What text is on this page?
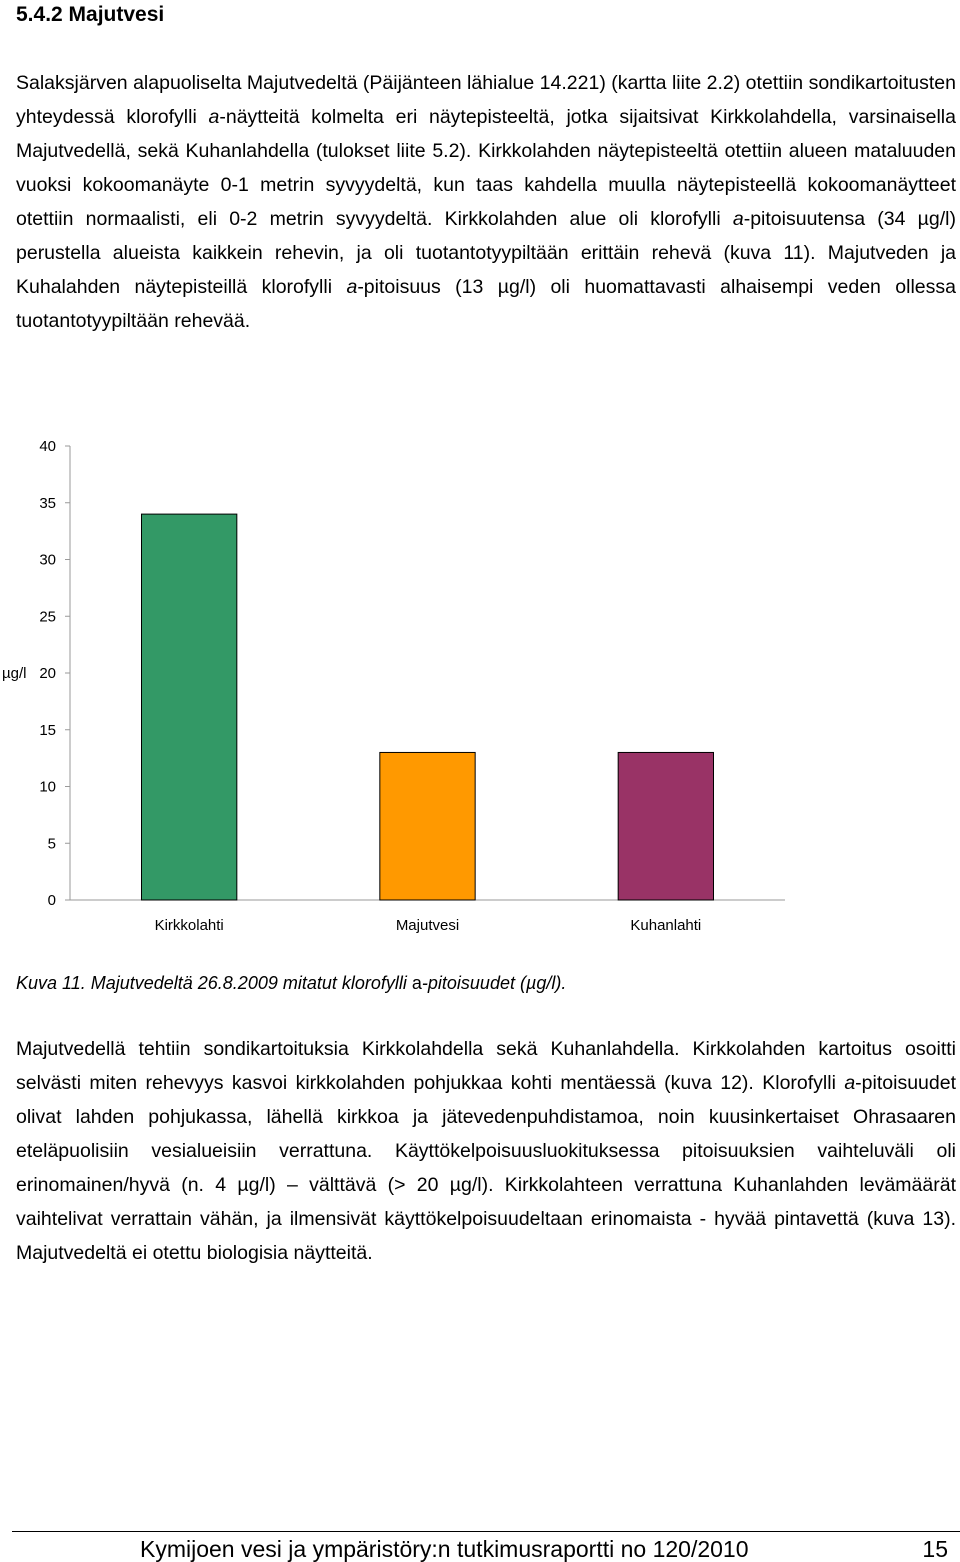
5.4.2 Majutvesi

Salaksjärven alapuoliselta Majutvedeltä (Päijänteen lähialue 14.221) (kartta liite 2.2) otettiin sondikartoitusten yhteydessä klorofylli a-näytteitä kolmelta eri näytepisteeltä, jotka sijaitsivat Kirkkolahdella, varsinaisella Majutvedellä, sekä Kuhanlahdella (tulokset liite 5.2). Kirkkolahden näytepisteeltä otettiin alueen mataluuden vuoksi kokoomanäyte 0-1 metrin syvyydeltä, kun taas kahdella muulla näytepisteellä kokoomanäytteet otettiin normaalisti, eli 0-2 metrin syvyydeltä. Kirkkolahden alue oli klorofylli a-pitoisuutensa (34 µg/l) perustella alueista kaikkein rehevin, ja oli tuotantotyypiltään erittäin rehevä (kuva 11). Majutveden ja Kuhalahden näytepisteillä klorofylli a-pitoisuus (13 µg/l) oli huomattavasti alhaisempi veden ollessa tuotantotyypiltään rehevää.

0
5
10
15
20
25
30
35
40
µg/l
Kirkkolahti	Majutvesi	Kuhanlahti
Kuva 11. Majutvedeltä 26.8.2009 mitatut klorofylli a-pitoisuudet (µg/l).

Majutvedellä tehtiin sondikartoituksia Kirkkolahdella sekä Kuhanlahdella. Kirkkolahden kartoitus osoitti selvästi miten rehevyys kasvoi kirkkolahden pohjukkaa kohti mentäessä (kuva 12). Klorofylli a-pitoisuudet olivat lahden pohjukassa, lähellä kirkkoa ja jätevedenpuhdistamoa, noin kuusinkertaiset Ohrasaaren eteläpuolisiin vesialueisiin verrattuna. Käyttökelpoisuusluokituksessa pitoisuuksien vaihteluväli oli erinomainen/hyvä (n. 4 µg/l) – välttävä (> 20 µg/l). Kirkkolahteen verrattuna Kuhanlahden levämäärät vaihtelivat verrattain vähän, ja ilmensivät käyttökelpoisuudeltaan erinomaista - hyvää pintavettä (kuva 13). Majutvedeltä ei otettu biologisia näytteitä.

Kymijoen vesi ja ympäristöry:n tutkimusraportti no 120/2010	15
